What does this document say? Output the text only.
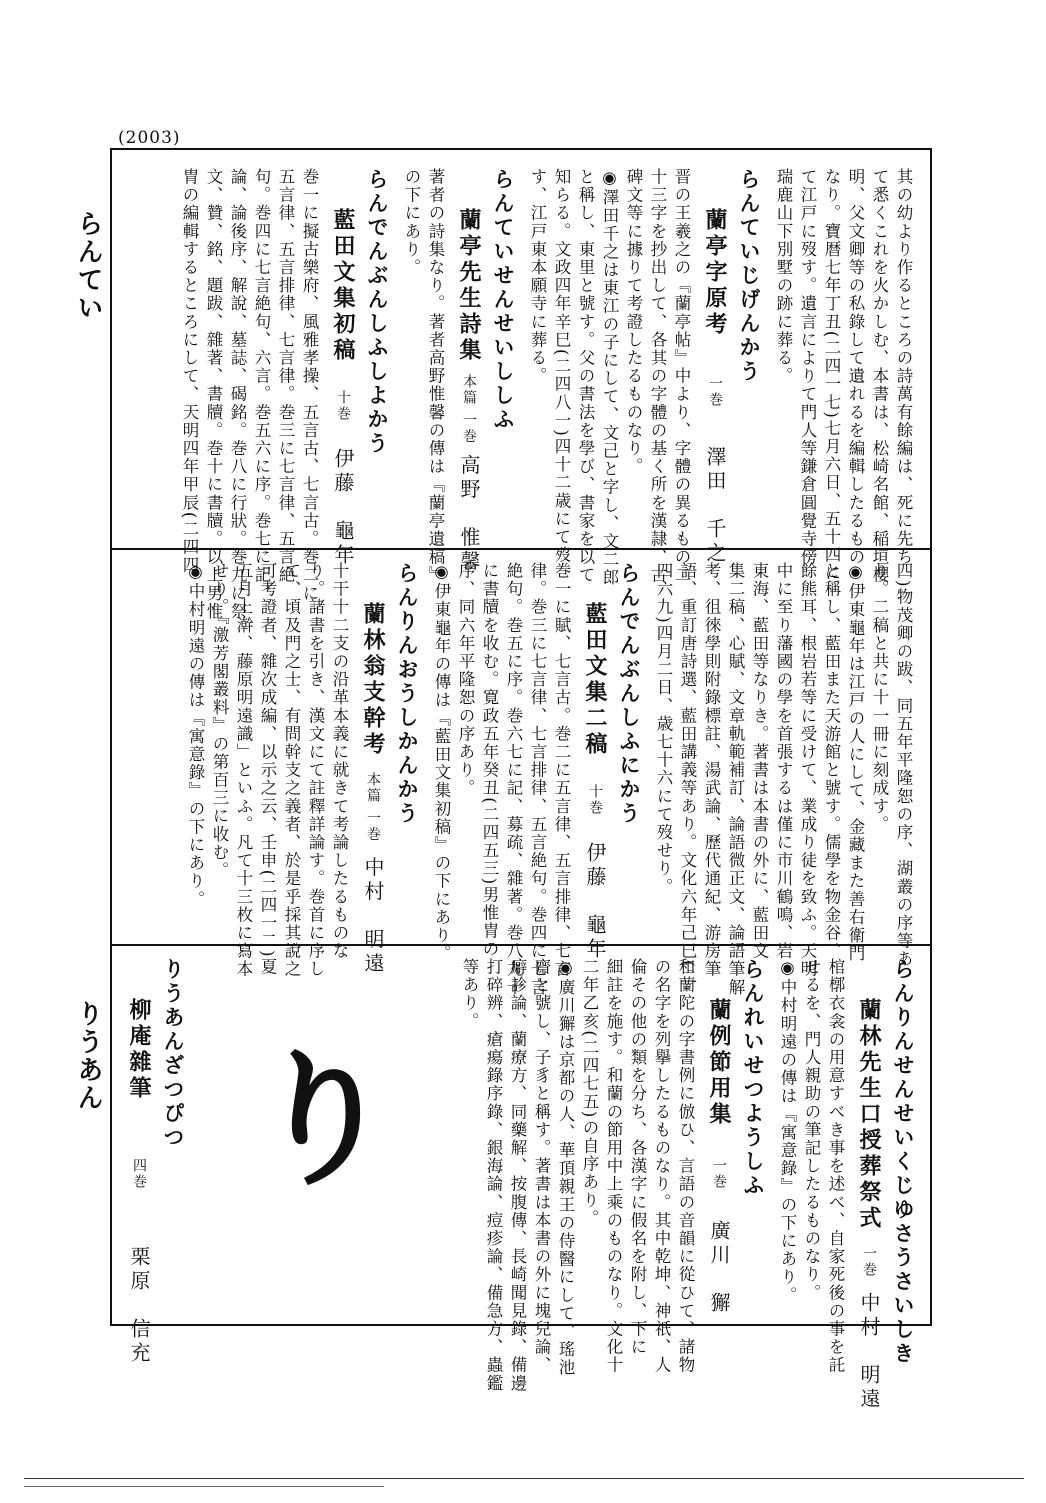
(2003)
らんてい
りうあん
其の幼より作るところの詩萬有餘編は、死に先ち
て悉くこれを火かしむ、本書は、松崎名館、稲垣櫻
明、父文卿等の私錄して遺れるを編輯したるもの
なり。寶暦七年丁丑(二四一七)七月六日、五十四に
て江戸に歿す。遺言によりて門人等鎌倉圓覺寺傍
瑞鹿山下別墅の跡に葬る。
らんていじげんかう
蘭亭字原考一巻澤田　千之
晋の王羲之の『蘭亭帖』中より、字體の異るもの二
十三字を抄出して、各其の字體の基く所を漢隷、古
碑文等に據りて考證したるものなり。
◉澤田千之は東江の子にして、文己と字し、文二郎
と稱し、東里と號す。父の書法を學び、書家を以て
知らる。文政四年辛巳(二四八一)四十二歳にて歿
す、江戸東本願寺に葬る。
らんていせんせいししふ
蘭亭先生詩集本篇 一巻高野　惟馨
著者の詩集なり。著者高野惟馨の傳は『蘭亭遺稿』
の下にあり。
らんでんぶんしふしよかう
藍田文集初稿十巻伊藤　龜年
巻一に擬古樂府、風雅孝操、五言古、七言古。巻二に
五言律、五言排律、七言律。巻三に七言律、五言絶
句。巻四に七言絶句、六言。巻五六に序。巻七に記、
論、論後序、解說、墓誌、碣銘。巻八に行狀。巻九に祭
文、贊、銘、題跋、雜著、書牘。巻十に書牘。以上男惟
胄の編輯するところにして、天明四年甲辰(二四四
四)物茂卿の跋、同五年平隆恕の序、湖叢の序等あ
り。二稿と共に十一冊に刻成す。
◉伊東龜年は江戸の人にして、金藏また善右衛門
と稱し、藍田また天游館と號す。儒學を物金谷、
餘熊耳、根岩若等に受けて、業成り徒を致ふ。天明
中に至り藩國の學を首張するは僅に市川鶴鳴、岩
東海、藍田等なりき。著書は本書の外に、藍田文
集二稿、心賦、文章軌範補訂、論語微正文、論語筆解
考、徂徠學則附錄標註、湯武論、歷代通紀、游房筆
語、重訂唐詩選、藍田講義等あり。文化六年己巳(二
四六九)四月二日、歳七十六にて歿せり。
らんでんぶんしふにかう
藍田文集二稿十巻伊藤　龜年
巻一に賦、七言古。巻二に五言律、五言排律、七言
律。巻三に七言律、七言排律、五言絶句。巻四に七言
絶句。巻五に序。巻六七に記、募疏、雜著。巻八九十
に書牘を收む。寛政五年癸丑(二四五三)男惟胄の
序、同六年平隆恕の序あり。
◉伊東龜年の傳は『藍田文集初稿』の下にあり。
らんりんおうしかんかう
蘭林翁支幹考本篇 一巻中村　明遠
十干十二支の沿革本義に就きて考論したるものな
り。諸書を引き、漢文にて註釋詳論す。巻首に序し
て、頃及門之士、有問幹支之義者、於是乎採其說之
可考證者、雜次成編、以示之云、壬申(二四一二)夏
五月上澣、藤原明遠識」といふ。凡て十三枚に寫本
せり。『激芳閣叢料』の第百三に收む。
◉中村明遠の傳は『寓意錄』の下にあり。
らんりんせんせいくじゆさうさいしき
蘭林先生口授葬祭式一巻中村　明遠
棺槨衣衾の用意すべき事を述べ、自家死後の事を託
せるを、門人親助の筆記したるものなり。
◉中村明遠の傳は『寓意錄』の下にあり。
らんれいせつようしふ
蘭例節用集一巻廣川　獬
和蘭陀の字書例に倣ひ、言語の音韻に從ひて、諸物
の名字を列擧したるものなり。其中乾坤、神祇、人
倫その他の類を分ち、各漢字に假名を附し、下に
細註を施す。和蘭の節用中上乘のものなり。文化十
二年乙亥(二四七五)の自序あり。
◉廣川獬は京都の人、華頂親王の侍醫にして、瑤池
齋と號し、子豸と稱す。著書は本書の外に塊兒論、
癖診論、蘭療方、同藥解、按腹傳、長崎聞見錄、備邊
打碎辨、瘡瘍錄序錄、銀海論、痘疹論、備急方、蟲鑑
等あり。
りうあんざつぴつ
柳庵雜筆四巻栗原　信充
り
